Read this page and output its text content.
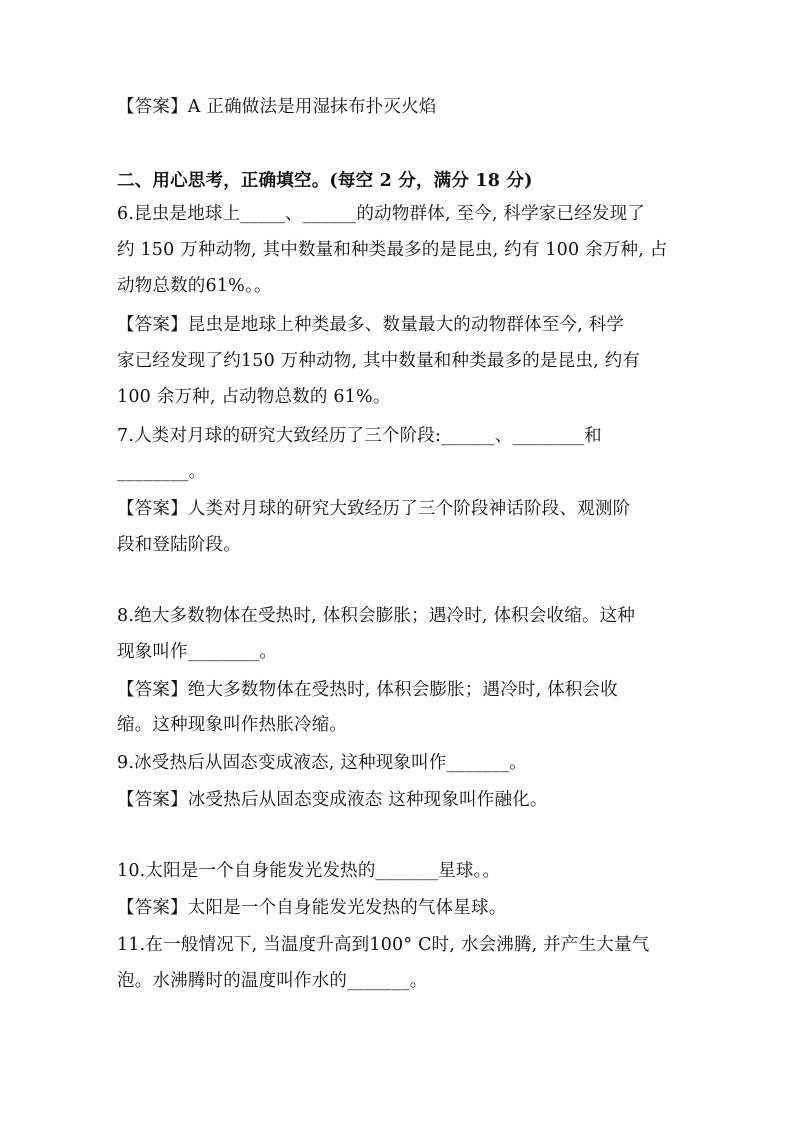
【答案】A 正确做法是用湿抹布扑灭火焰
二、用心思考，正确填空。(每空 2 分，满分 18 分)
6.昆虫是地球上_____、______的动物群体, 至今, 科学家已经发现了
约 150 万种动物, 其中数量和种类最多的是昆虫, 约有 100 余万种, 占
动物总数的61%。。
【答案】昆虫是地球上种类最多、数量最大的动物群体至今, 科学
家已经发现了约150 万种动物, 其中数量和种类最多的是昆虫, 约有
100 余万种, 占动物总数的 61%。
7.人类对月球的研究大致经历了三个阶段:______、________和
________。
【答案】人类对月球的研究大致经历了三个阶段神话阶段、观测阶
段和登陆阶段。
8.绝大多数物体在受热时, 体积会膨胀；遇冷时, 体积会收缩。这种
现象叫作________。
【答案】绝大多数物体在受热时, 体积会膨胀；遇冷时, 体积会收
缩。这种现象叫作热胀冷缩。
9.冰受热后从固态变成液态, 这种现象叫作_______。
【答案】冰受热后从固态变成液态 这种现象叫作融化。
10.太阳是一个自身能发光发热的_______星球。。
【答案】太阳是一个自身能发光发热的气体星球。
11.在一般情况下, 当温度升高到100° C时, 水会沸腾, 并产生大量气
泡。水沸腾时的温度叫作水的_______。
